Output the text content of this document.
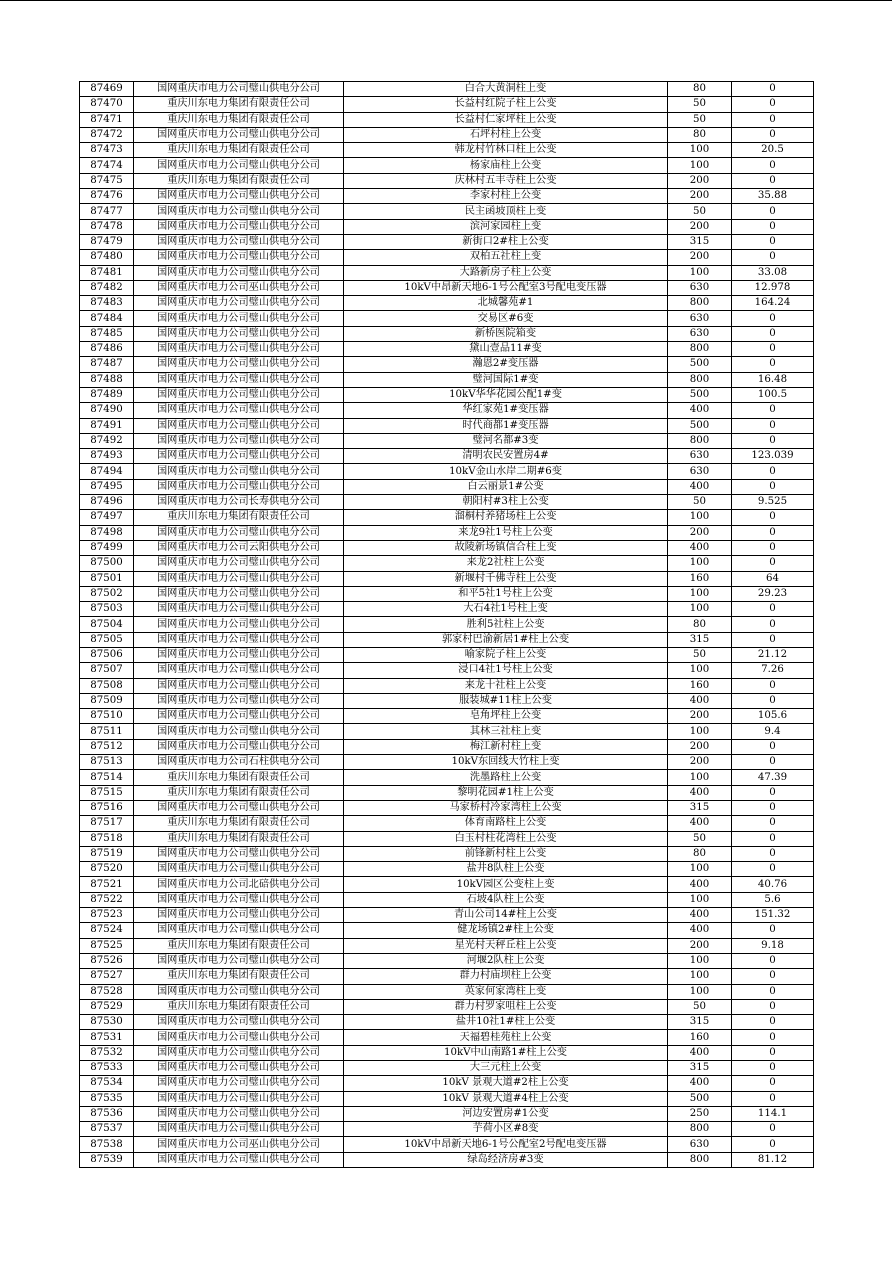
87469	国网重庆市电力公司璧山供电分公司	白合大黄洞柱上变	80	0
87470	重庆川东电力集团有限责任公司	长益村红院子柱上公变	50	0
87471	重庆川东电力集团有限责任公司	长益村仁家坪柱上公变	50	0
87472	国网重庆市电力公司璧山供电分公司	石坪村柱上公变	80	0
87473	重庆川东电力集团有限责任公司	韩龙村竹林口柱上公变	100	20.5
87474	国网重庆市电力公司璧山供电分公司	杨家庙柱上公变	100	0
87475	重庆川东电力集团有限责任公司	庆林村五丰寺柱上公变	200	0
87476	国网重庆市电力公司璧山供电分公司	李家村柱上公变	200	35.88
87477	国网重庆市电力公司璧山供电分公司	民主函坡顶柱上变	50	0
87478	国网重庆市电力公司璧山供电分公司	滨河家园柱上变	200	0
87479	国网重庆市电力公司璧山供电分公司	新街口2#柱上公变	315	0
87480	国网重庆市电力公司璧山供电分公司	双柏五社柱上变	200	0
87481	国网重庆市电力公司璧山供电分公司	大路新房子柱上公变	100	33.08
87482	国网重庆市电力公司巫山供电分公司	10kV中昂新天地6-1号公配室3号配电变压器	630	12.978
87483	国网重庆市电力公司璧山供电分公司	北城馨苑#1	800	164.24
87484	国网重庆市电力公司璧山供电分公司	交易区#6变	630	0
87485	国网重庆市电力公司璧山供电分公司	新桥医院箱变	630	0
87486	国网重庆市电力公司璧山供电分公司	黛山壹品11#变	800	0
87487	国网重庆市电力公司璧山供电分公司	瀚恩2#变压器	500	0
87488	国网重庆市电力公司璧山供电分公司	璧河国际1#变	800	16.48
87489	国网重庆市电力公司璧山供电分公司	10kV华华花园公配1#变	500	100.5
87490	国网重庆市电力公司璧山供电分公司	华红家苑1#变压器	400	0
87491	国网重庆市电力公司璧山供电分公司	时代商都1#变压器	500	0
87492	国网重庆市电力公司璧山供电分公司	璧河名都#3变	800	0
87493	国网重庆市电力公司璧山供电分公司	清明农民安置房4#	630	123.039
87494	国网重庆市电力公司璧山供电分公司	10kV金山水岸二期#6变	630	0
87495	国网重庆市电力公司璧山供电分公司	白云丽景1#公变	400	0
87496	国网重庆市电力公司长寿供电分公司	朝阳村#3柱上公变	50	9.525
87497	重庆川东电力集团有限责任公司	溜桐村养猪场柱上公变	100	0
87498	国网重庆市电力公司璧山供电分公司	来龙9社1号柱上公变	200	0
87499	国网重庆市电力公司云阳供电分公司	故陵新场镇信合柱上变	400	0
87500	国网重庆市电力公司璧山供电分公司	来龙2社柱上公变	100	0
87501	国网重庆市电力公司璧山供电分公司	新堰村千佛寺柱上公变	160	64
87502	国网重庆市电力公司璧山供电分公司	和平5社1号柱上公变	100	29.23
87503	国网重庆市电力公司璧山供电分公司	大石4社1号柱上变	100	0
87504	国网重庆市电力公司璧山供电分公司	胜利5社柱上公变	80	0
87505	国网重庆市电力公司璧山供电分公司	郭家村巴渝新居1#柱上公变	315	0
87506	国网重庆市电力公司璧山供电分公司	喻家院子柱上公变	50	21.12
87507	国网重庆市电力公司璧山供电分公司	浸口4社1号柱上公变	100	7.26
87508	国网重庆市电力公司璧山供电分公司	来龙十社柱上公变	160	0
87509	国网重庆市电力公司璧山供电分公司	服装城#11柱上公变	400	0
87510	国网重庆市电力公司璧山供电分公司	皂角坪柱上公变	200	105.6
87511	国网重庆市电力公司璧山供电分公司	其林三社柱上变	100	9.4
87512	国网重庆市电力公司璧山供电分公司	梅江新村柱上变	200	0
87513	国网重庆市电力公司石柱供电分公司	10kV东回线大竹柱上变	200	0
87514	重庆川东电力集团有限责任公司	洗墨路柱上公变	100	47.39
87515	重庆川东电力集团有限责任公司	黎明花园#1柱上公变	400	0
87516	国网重庆市电力公司璧山供电分公司	马家桥村冷家湾柱上公变	315	0
87517	重庆川东电力集团有限责任公司	体育南路柱上公变	400	0
87518	重庆川东电力集团有限责任公司	白玉村柱花湾柱上公变	50	0
87519	国网重庆市电力公司璧山供电分公司	前锋新村柱上公变	80	0
87520	国网重庆市电力公司璧山供电分公司	盐井8队柱上公变	100	0
87521	国网重庆市电力公司北碚供电分公司	10kV园区公变柱上变	400	40.76
87522	国网重庆市电力公司璧山供电分公司	石坡4队柱上公变	100	5.6
87523	国网重庆市电力公司璧山供电分公司	青山公司14#柱上公变	400	151.32
87524	国网重庆市电力公司璧山供电分公司	健龙场镇2#柱上公变	400	0
87525	重庆川东电力集团有限责任公司	星光村天秤丘柱上公变	200	9.18
87526	国网重庆市电力公司璧山供电分公司	河堰2队柱上公变	100	0
87527	重庆川东电力集团有限责任公司	群力村庙坝柱上公变	100	0
87528	国网重庆市电力公司璧山供电分公司	英家何家湾柱上变	100	0
87529	重庆川东电力集团有限责任公司	群力村罗家咀柱上公变	50	0
87530	国网重庆市电力公司璧山供电分公司	盐井10社1#柱上公变	315	0
87531	国网重庆市电力公司璧山供电分公司	天福碧桂苑柱上公变	160	0
87532	国网重庆市电力公司璧山供电分公司	10kV中山南路1#柱上公变	400	0
87533	国网重庆市电力公司璧山供电分公司	大三元柱上公变	315	0
87534	国网重庆市电力公司璧山供电分公司	10kV 景观大道#2柱上公变	400	0
87535	国网重庆市电力公司璧山供电分公司	10kV 景观大道#4柱上公变	500	0
87536	国网重庆市电力公司璧山供电分公司	河边安置房#1公变	250	114.1
87537	国网重庆市电力公司璧山供电分公司	芋荷小区#8变	800	0
87538	国网重庆市电力公司巫山供电分公司	10kV中昂新天地6-1号公配室2号配电变压器	630	0
87539	国网重庆市电力公司璧山供电分公司	绿岛经济房#3变	800	81.12
